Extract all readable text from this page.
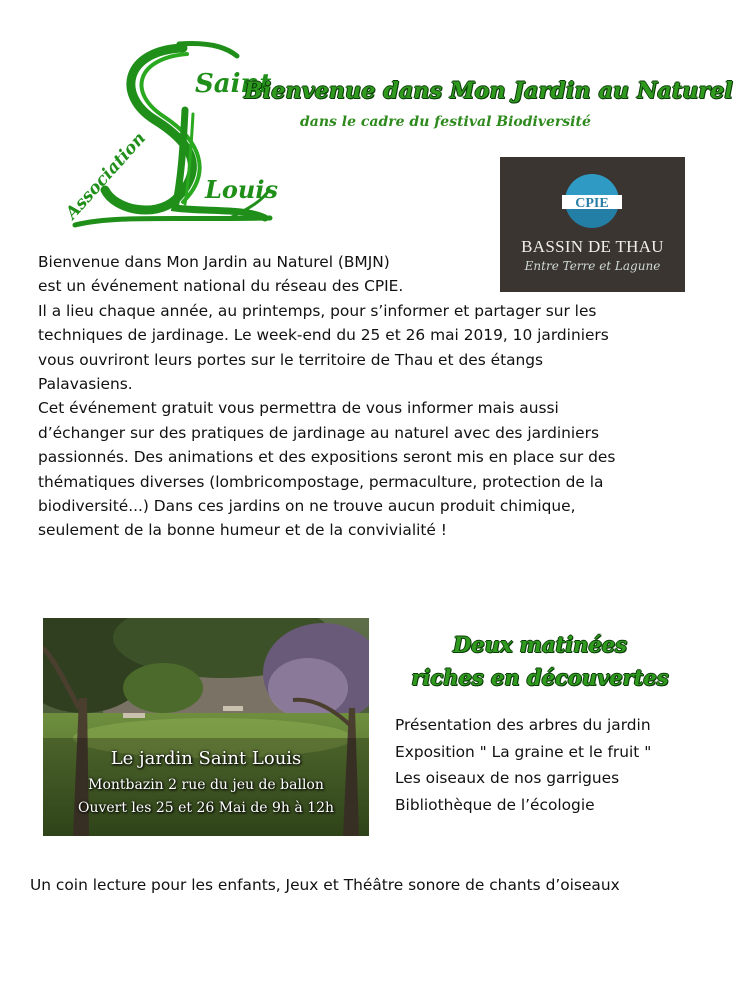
Saint
Louis
Association
Bienvenue dans Mon Jardin au Naturel
dans le cadre du festival Biodiversité
CPIE
BASSIN DE THAU
Entre Terre et Lagune

Bienvenue dans Mon Jardin au Naturel (BMJN)

est un événement national du réseau des CPIE.

Il a lieu chaque année, au printemps, pour s’informer et partager sur les

techniques de jardinage. Le week-end du 25 et 26 mai 2019, 10 jardiniers

vous ouvriront leurs portes sur le territoire de Thau et des étangs

Palavasiens.

Cet événement gratuit vous permettra de vous informer mais aussi

d’échanger sur des pratiques de jardinage au naturel avec des jardiniers

passionnés. Des animations et des expositions seront mis en place sur des

thématiques diverses (lombricompostage, permaculture, protection de la

biodiversité...) Dans ces jardins on ne trouve aucun produit chimique,

seulement de la bonne humeur et de la convivialité !

Le jardin Saint Louis
Montbazin 2 rue du jeu de ballon
Ouvert les 25 et 26 Mai de 9h à 12h
Deux matinées
riches en découvertes
Présentation des arbres du jardin
Exposition " La graine et le fruit "
Les oiseaux de nos garrigues
Bibliothèque de l’écologie
Un coin lecture pour les enfants, Jeux et Théâtre sonore de chants d’oiseaux
